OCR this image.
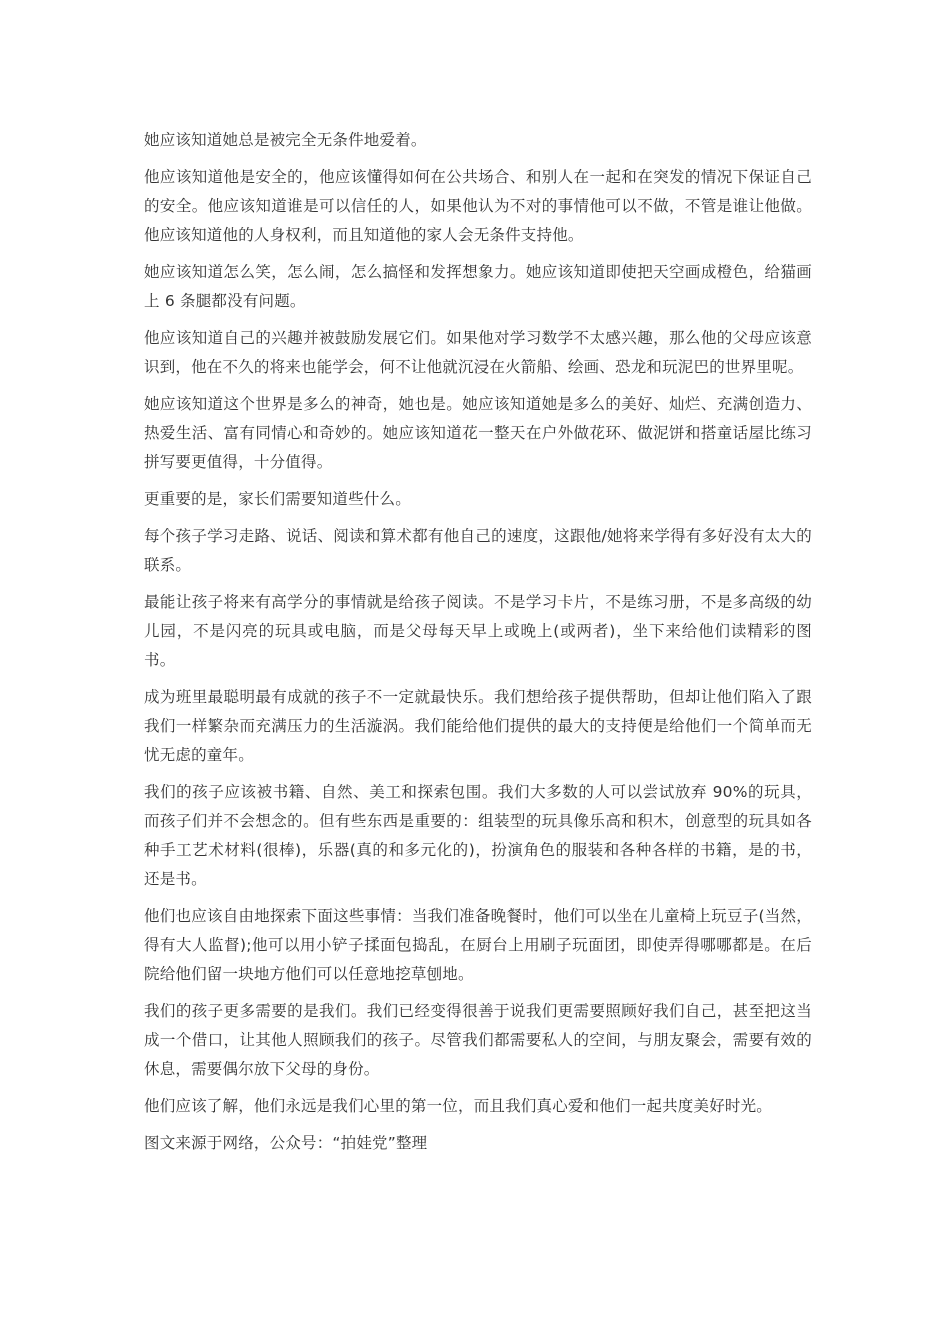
她应该知道她总是被完全无条件地爱着。

他应该知道他是安全的，他应该懂得如何在公共场合、和别人在一起和在突发的情况下保证自己的安全。他应该知道谁是可以信任的人，如果他认为不对的事情他可以不做，不管是谁让他做。他应该知道他的人身权利，而且知道他的家人会无条件支持他。

她应该知道怎么笑，怎么闹，怎么搞怪和发挥想象力。她应该知道即使把天空画成橙色，给猫画上 6 条腿都没有问题。

他应该知道自己的兴趣并被鼓励发展它们。如果他对学习数学不太感兴趣，那么他的父母应该意识到，他在不久的将来也能学会，何不让他就沉浸在火箭船、绘画、恐龙和玩泥巴的世界里呢。

她应该知道这个世界是多么的神奇，她也是。她应该知道她是多么的美好、灿烂、充满创造力、热爱生活、富有同情心和奇妙的。她应该知道花一整天在户外做花环、做泥饼和搭童话屋比练习拼写要更值得，十分值得。

更重要的是，家长们需要知道些什么。

每个孩子学习走路、说话、阅读和算术都有他自己的速度，这跟他/她将来学得有多好没有太大的联系。

最能让孩子将来有高学分的事情就是给孩子阅读。不是学习卡片，不是练习册，不是多高级的幼儿园，不是闪亮的玩具或电脑，而是父母每天早上或晚上(或两者)，坐下来给他们读精彩的图书。

成为班里最聪明最有成就的孩子不一定就最快乐。我们想给孩子提供帮助，但却让他们陷入了跟我们一样繁杂而充满压力的生活漩涡。我们能给他们提供的最大的支持便是给他们一个简单而无忧无虑的童年。

我们的孩子应该被书籍、自然、美工和探索包围。我们大多数的人可以尝试放弃 90%的玩具，而孩子们并不会想念的。但有些东西是重要的：组装型的玩具像乐高和积木，创意型的玩具如各种手工艺术材料(很棒)，乐器(真的和多元化的)，扮演角色的服装和各种各样的书籍，是的书，还是书。

他们也应该自由地探索下面这些事情：当我们准备晚餐时，他们可以坐在儿童椅上玩豆子(当然，得有大人监督);他可以用小铲子揉面包捣乱，在厨台上用刷子玩面团，即使弄得哪哪都是。在后院给他们留一块地方他们可以任意地挖草刨地。

我们的孩子更多需要的是我们。我们已经变得很善于说我们更需要照顾好我们自己，甚至把这当成一个借口，让其他人照顾我们的孩子。尽管我们都需要私人的空间，与朋友聚会，需要有效的休息，需要偶尔放下父母的身份。

他们应该了解，他们永远是我们心里的第一位，而且我们真心爱和他们一起共度美好时光。

图文来源于网络，公众号：“拍娃党”整理
